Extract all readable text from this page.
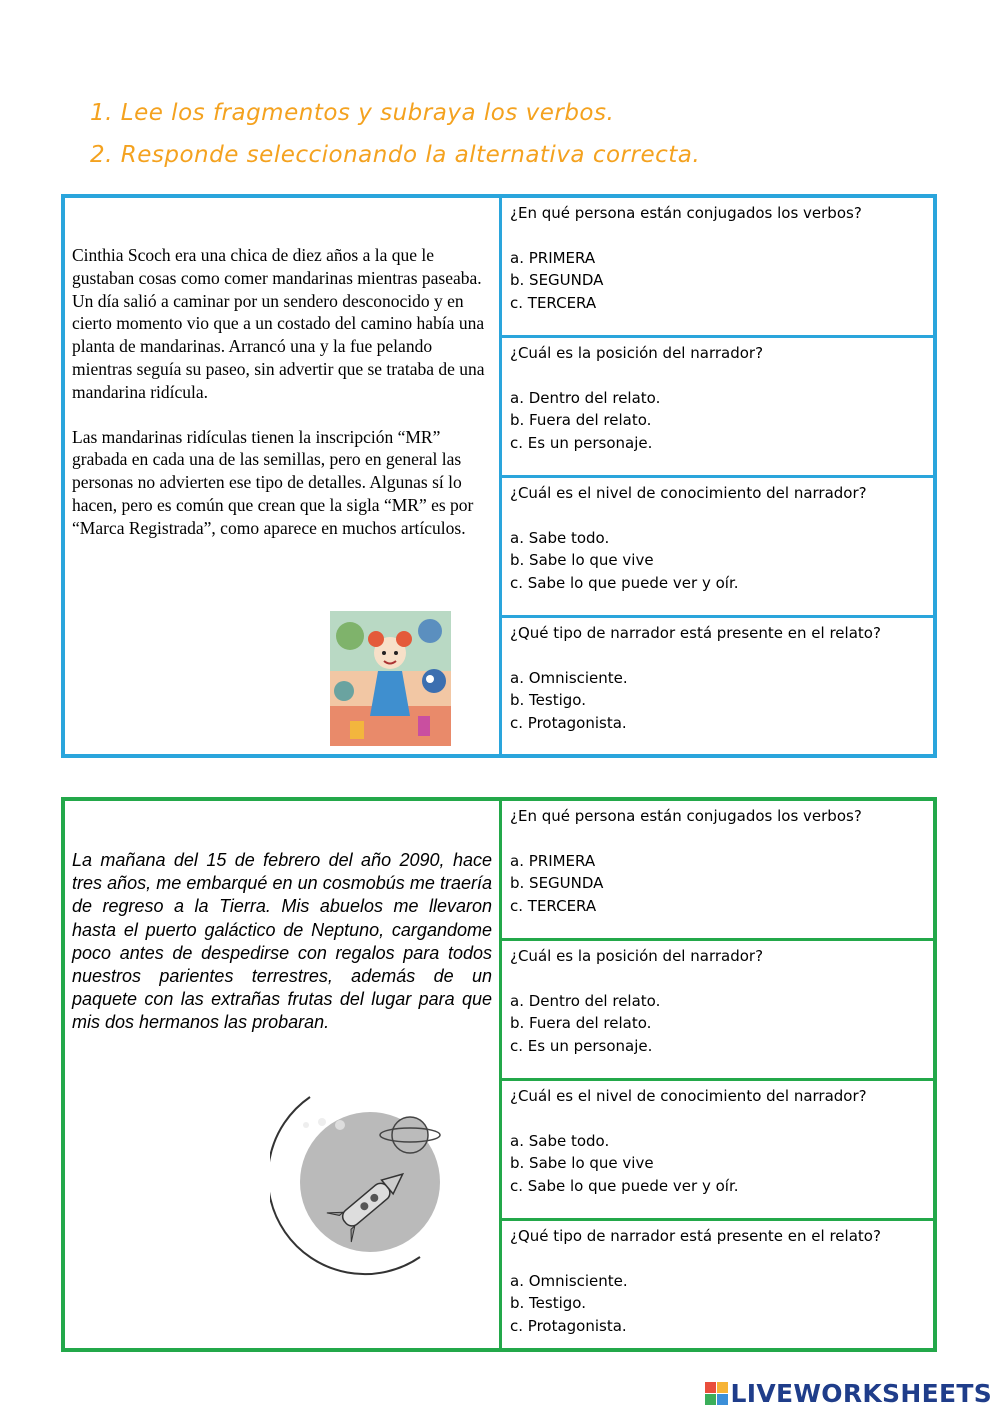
1. Lee los fragmentos y subraya los verbos.
2. Responde seleccionando la alternativa correcta.

Cinthia Scoch era una chica de diez años a la que le gustaban cosas como comer mandarinas mientras paseaba. Un día salió a caminar por un sendero desconocido y en cierto momento vio que a un costado del camino había una planta de mandarinas. Arrancó una y la fue pelando mientras seguía su paseo, sin advertir que se trataba de una mandarina ridícula.

Las mandarinas ridículas tienen la inscripción “MR” grabada en cada una de las semillas, pero en general las personas no advierten ese tipo de detalles. Algunas sí lo hacen, pero es común que crean que la sigla “MR” es por “Marca Registrada”, como aparece en muchos artículos.

¿En qué persona están conjugados los verbos?
a. PRIMERA
b. SEGUNDA
c. TERCERA
¿Cuál es la posición del narrador?
a. Dentro del relato.
b. Fuera del relato.
c. Es un personaje.
¿Cuál es el nivel de conocimiento del narrador?
a. Sabe todo.
b. Sabe lo que vive
c. Sabe lo que puede ver y oír.
¿Qué tipo de narrador está presente en el relato?
a. Omnisciente.
b. Testigo.
c. Protagonista.
La mañana del 15 de febrero del año 2090, hace tres años, me embarqué en un cosmobús me traería de regreso a la Tierra. Mis abuelos me llevaron hasta el puerto galáctico de Neptuno, cargandome poco antes de despedirse con regalos para todos nuestros parientes terrestres, además de un paquete con las extrañas frutas del lugar para que mis dos hermanos las probaran.
¿En qué persona están conjugados los verbos?
a. PRIMERA
b. SEGUNDA
c. TERCERA
¿Cuál es la posición del narrador?
a. Dentro del relato.
b. Fuera del relato.
c. Es un personaje.
¿Cuál es el nivel de conocimiento del narrador?
a. Sabe todo.
b. Sabe lo que vive
c. Sabe lo que puede ver y oír.
¿Qué tipo de narrador está presente en el relato?
a. Omnisciente.
b. Testigo.
c. Protagonista.
LIVEWORKSHEETS
